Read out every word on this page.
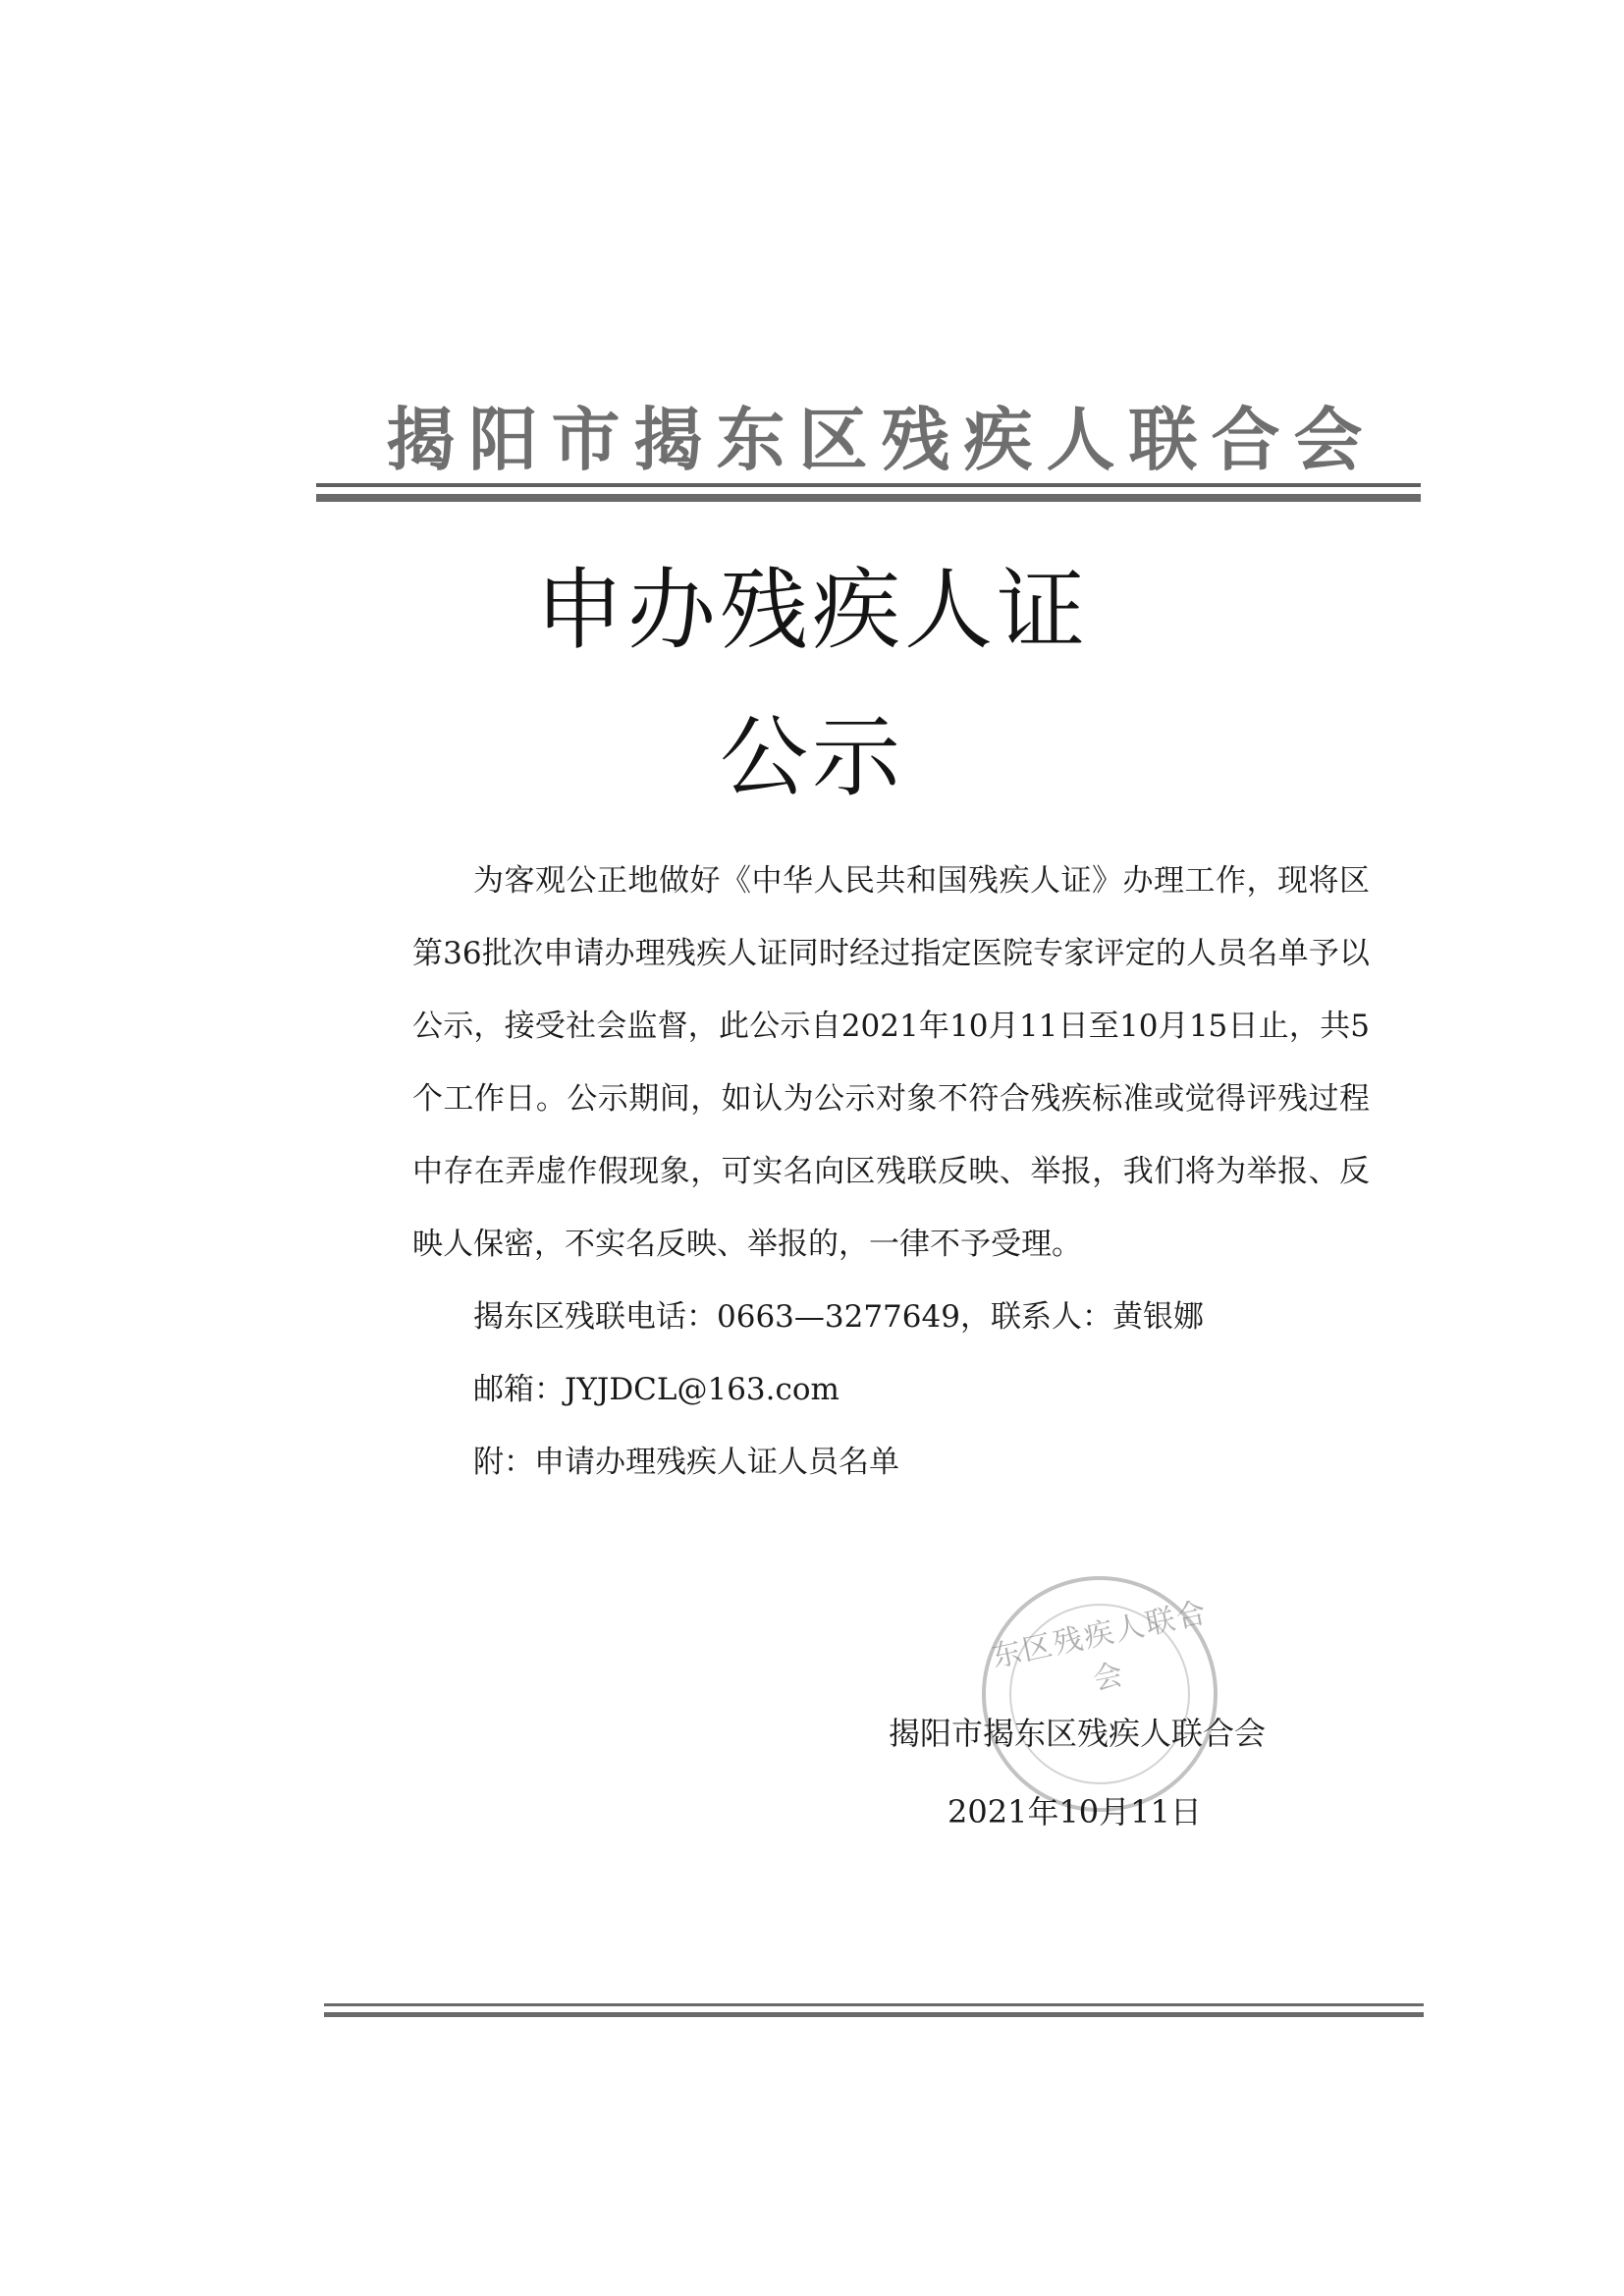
揭阳市揭东区残疾人联合会
申办残疾人证
公示

为客观公正地做好《中华人民共和国残疾人证》办理工作，现将区第36批次申请办理残疾人证同时经过指定医院专家评定的人员名单予以公示，接受社会监督，此公示自2021年10月11日至10月15日止，共5个工作日。公示期间，如认为公示对象不符合残疾标准或觉得评残过程中存在弄虚作假现象，可实名向区残联反映、举报，我们将为举报、反映人保密，不实名反映、举报的，一律不予受理。

揭东区残联电话：0663—3277649，联系人：黄银娜

邮箱：JYJDCL@163.com

附：申请办理残疾人证人员名单

东区残疾人联合会
揭阳市揭东区残疾人联合会
2021年10月11日
